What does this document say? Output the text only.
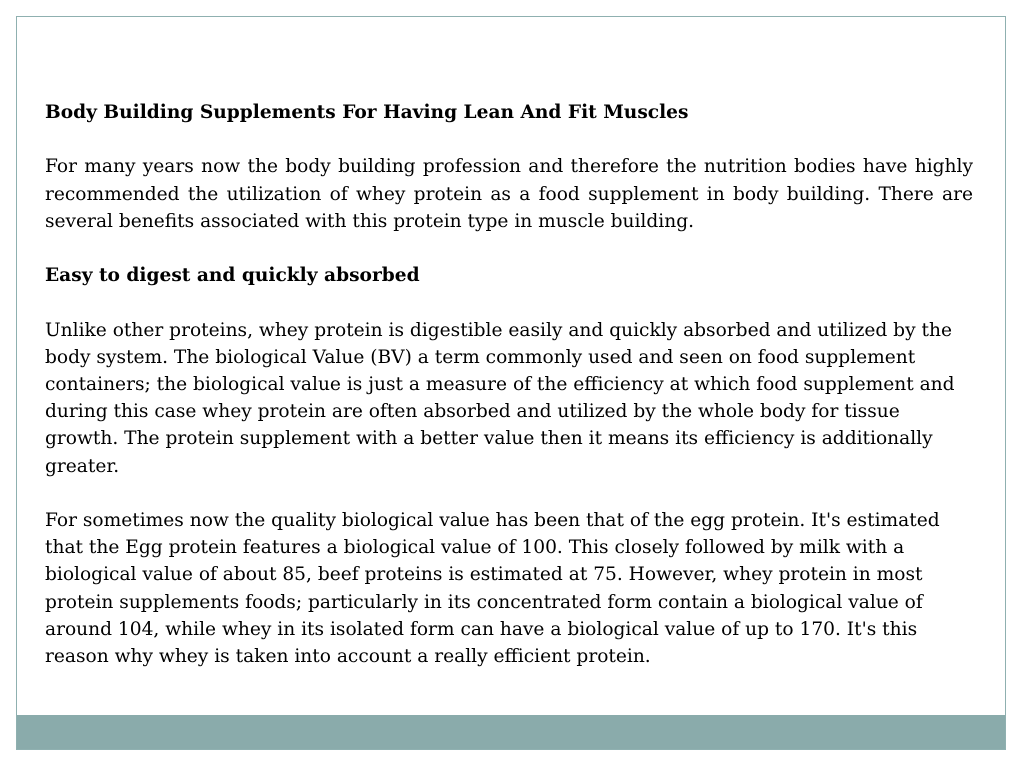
Body Building Supplements For Having Lean And Fit Muscles

For many years now the body building profession and therefore the nutrition bodies have highly recommended the utilization of whey protein as a food supplement in body building. There are several benefits associated with this protein type in muscle building.

Easy to digest and quickly absorbed

Unlike other proteins, whey protein is digestible easily and quickly absorbed and utilized by the body system. The biological Value (BV) a term commonly used and seen on food supplement containers; the biological value is just a measure of the efficiency at which food supplement and during this case whey protein are often absorbed and utilized by the whole body for tissue growth. The protein supplement with a better value then it means its efficiency is additionally greater.

For sometimes now the quality biological value has been that of the egg protein. It's estimated that the Egg protein features a biological value of 100. This closely followed by milk with a biological value of about 85, beef proteins is estimated at 75. However, whey protein in most protein supplements foods; particularly in its concentrated form contain a biological value of around 104, while whey in its isolated form can have a biological value of up to 170. It's this reason why whey is taken into account a really efficient protein.
